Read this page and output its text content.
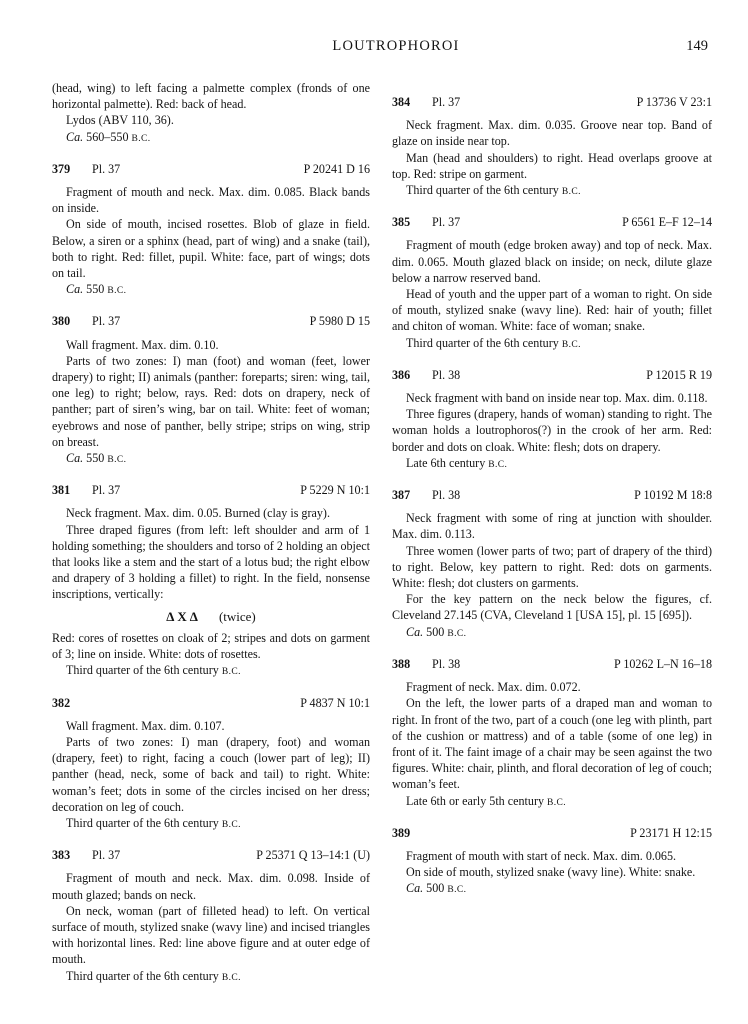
LOUTROPHOROI	149

(head, wing) to left facing a palmette complex (fronds of one horizontal palmette). Red: back of head.

Lydos (ABV 110, 36).

Ca. 560–550 B.C.

379	Pl. 37	P 20241 D 16

Fragment of mouth and neck. Max. dim. 0.085. Black bands on inside.

On side of mouth, incised rosettes. Blob of glaze in field. Below, a siren or a sphinx (head, part of wing) and a snake (tail), both to right. Red: fillet, pupil. White: face, part of wings; dots on tail.

Ca. 550 B.C.

380	Pl. 37	P 5980 D 15

Wall fragment. Max. dim. 0.10.

Parts of two zones: I) man (foot) and woman (feet, lower drapery) to right; II) animals (panther: foreparts; siren: wing, tail, one leg) to right; below, rays. Red: dots on drapery, neck of panther; part of siren’s wing, bar on tail. White: feet of woman; eyebrows and nose of panther, belly stripe; strips on wing, strip on breast.

Ca. 550 B.C.

381	Pl. 37	P 5229 N 10:1

Neck fragment. Max. dim. 0.05. Burned (clay is gray).

Three draped figures (from left: left shoulder and arm of 1 holding something; the shoulders and torso of 2 holding an object that looks like a stem and the start of a lotus bud; the right elbow and drapery of 3 holding a fillet) to right. In the field, nonsense inscriptions, vertically:

ΔXΔ (twice)

Red: cores of rosettes on cloak of 2; stripes and dots on garment of 3; line on inside. White: dots of rosettes.

Third quarter of the 6th century B.C.

382	P 4837 N 10:1

Wall fragment. Max. dim. 0.107.

Parts of two zones: I) man (drapery, foot) and woman (drapery, feet) to right, facing a couch (lower part of leg); II) panther (head, neck, some of back and tail) to right. White: woman’s feet; dots in some of the circles incised on her dress; decoration on leg of couch.

Third quarter of the 6th century B.C.

383	Pl. 37	P 25371 Q 13–14:1 (U)

Fragment of mouth and neck. Max. dim. 0.098. Inside of mouth glazed; bands on neck.

On neck, woman (part of filleted head) to left. On vertical surface of mouth, stylized snake (wavy line) and incised triangles with horizontal lines. Red: line above figure and at outer edge of mouth.

Third quarter of the 6th century B.C.

384	Pl. 37	P 13736 V 23:1

Neck fragment. Max. dim. 0.035. Groove near top. Band of glaze on inside near top.

Man (head and shoulders) to right. Head overlaps groove at top. Red: stripe on garment.

Third quarter of the 6th century B.C.

385	Pl. 37	P 6561 E–F 12–14

Fragment of mouth (edge broken away) and top of neck. Max. dim. 0.065. Mouth glazed black on inside; on neck, dilute glaze below a narrow reserved band.

Head of youth and the upper part of a woman to right. On side of mouth, stylized snake (wavy line). Red: hair of youth; fillet and chiton of woman. White: face of woman; snake.

Third quarter of the 6th century B.C.

386	Pl. 38	P 12015 R 19

Neck fragment with band on inside near top. Max. dim. 0.118.

Three figures (drapery, hands of woman) standing to right. The woman holds a loutrophoros(?) in the crook of her arm. Red: border and dots on cloak. White: flesh; dots on drapery.

Late 6th century B.C.

387	Pl. 38	P 10192 M 18:8

Neck fragment with some of ring at junction with shoulder. Max. dim. 0.113.

Three women (lower parts of two; part of drapery of the third) to right. Below, key pattern to right. Red: dots on garments. White: flesh; dot clusters on garments.

For the key pattern on the neck below the figures, cf. Cleveland 27.145 (CVA, Cleveland 1 [USA 15], pl. 15 [695]).

Ca. 500 B.C.

388	Pl. 38	P 10262 L–N 16–18

Fragment of neck. Max. dim. 0.072.

On the left, the lower parts of a draped man and woman to right. In front of the two, part of a couch (one leg with plinth, part of the cushion or mattress) and of a table (some of one leg) in front of it. The faint image of a chair may be seen against the two figures. White: chair, plinth, and floral decoration of leg of couch; woman’s feet.

Late 6th or early 5th century B.C.

389	P 23171 H 12:15

Fragment of mouth with start of neck. Max. dim. 0.065.

On side of mouth, stylized snake (wavy line). White: snake.

Ca. 500 B.C.
